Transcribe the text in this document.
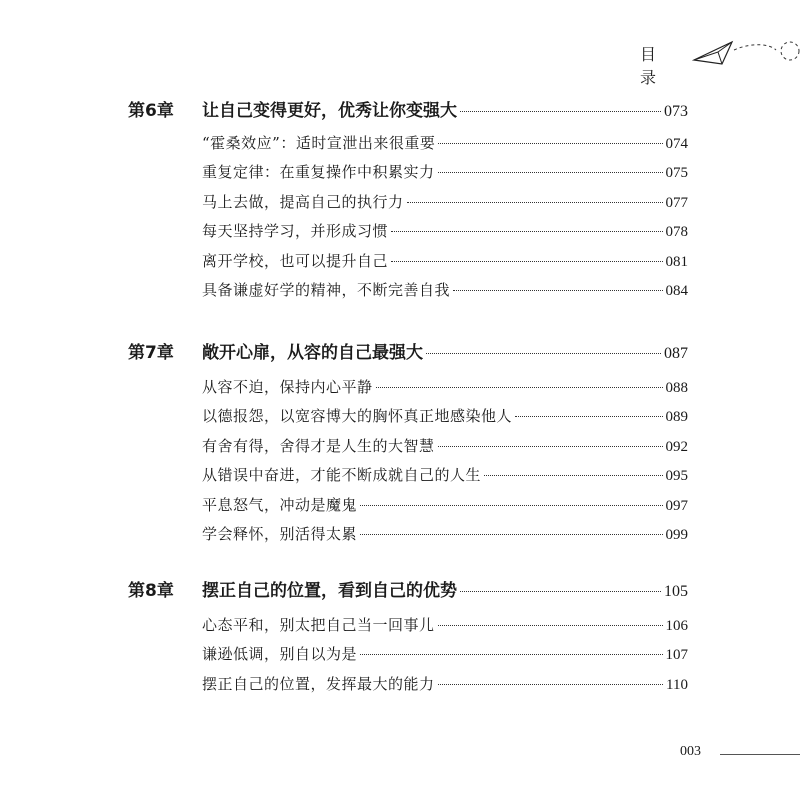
目录
第6章 让自己变得更好，优秀让你变强大	073
“霍桑效应”：适时宣泄出来很重要	074
重复定律：在重复操作中积累实力	075
马上去做，提高自己的执行力	077
每天坚持学习，并形成习惯	078
离开学校，也可以提升自己	081
具备谦虚好学的精神，不断完善自我	084
第7章 敞开心扉，从容的自己最强大	087
从容不迫，保持内心平静	088
以德报怨，以宽容博大的胸怀真正地感染他人	089
有舍有得，舍得才是人生的大智慧	092
从错误中奋进，才能不断成就自己的人生	095
平息怒气，冲动是魔鬼	097
学会释怀，别活得太累	099
第8章 摆正自己的位置，看到自己的优势	105
心态平和，别太把自己当一回事儿	106
谦逊低调，别自以为是	107
摆正自己的位置，发挥最大的能力	110
003
